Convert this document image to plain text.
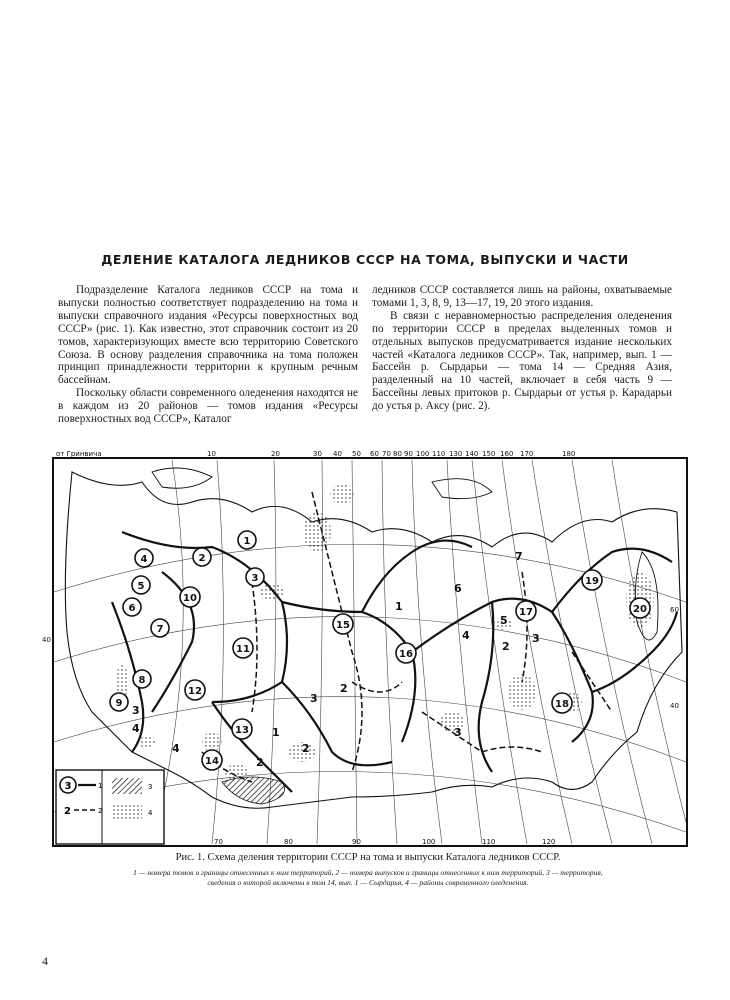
ДЕЛЕНИЕ КАТАЛОГА ЛЕДНИКОВ СССР НА ТОМА, ВЫПУСКИ И ЧАСТИ

Подразделение Каталога ледников СССР на тома и выпуски полностью соответствует подразделению на тома и выпуски справочного издания «Ресурсы поверхностных вод СССР» (рис. 1). Как известно, этот справочник состоит из 20 томов, характеризующих вместе всю территорию Советского Союза. В основу разделения справочника на тома положен принцип принадлежности территории к крупным речным бассейнам.

Поскольку области современного оледенения находятся не в каждом из 20 районов — томов издания «Ресурсы поверхностных вод СССР», Каталог

ледников СССР составляется лишь на районы, охватываемые томами 1, 3, 8, 9, 13—17, 19, 20 этого издания.

В связи с неравномерностью распределения оледенения по территории СССР в пределах выделенных томов и отдельных выпусков предусматривается издание нескольких частей «Каталога ледников СССР». Так, например, вып. 1 — Бассейн р. Сырдарьи — тома 14 — Средняя Азия, разделенный на 10 частей, включает в себя часть 9 — Бассейны левых притоков р. Сырдарьи от устья р. Карадарьи до устья р. Аксу (рис. 2).

от Гринвича	10	20	30 40 50 60 70 80 90 100 110 130 140 150 160 170	180
40
60
40
70	80	90	100	110	120
1
2
3
4
5
6
7
8
9
10
11
12
13
14
15
16
17
18
19
20
1
2
3
4
5
6
7
2
3
3
2
2
1
4
3
4
3	1
2	2
3
4
Рис. 1. Схема деления территории СССР на тома и выпуски Каталога ледников СССР.
1 — номера томов и границы отнесенных к ним территорий, 2 — номера выпусков и границы отнесенных к ним территорий, 3 — территория,
сведения о которой включены в том 14, вып. 1 — Сырдарья, 4 — районы современного оледенения.
4
